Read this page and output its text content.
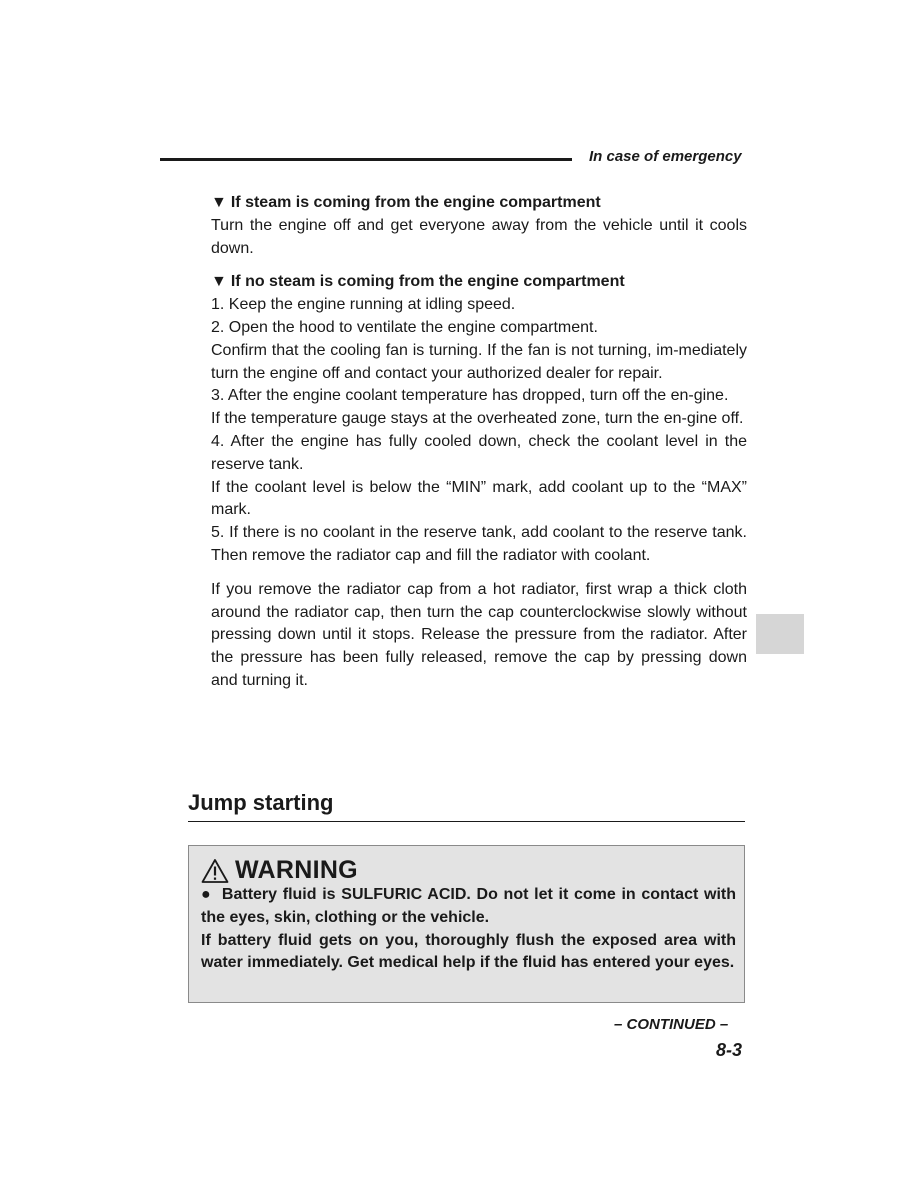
In case of emergency

▼ If steam is coming from the engine compartment

Turn the engine off and get everyone away from the vehicle until it cools down.

▼ If no steam is coming from the engine compartment

1. Keep the engine running at idling speed.

2. Open the hood to ventilate the engine compartment.

Confirm that the cooling fan is turning. If the fan is not turning, im-mediately turn the engine off and contact your authorized dealer for repair.

3. After the engine coolant temperature has dropped, turn off the en-gine.

If the temperature gauge stays at the overheated zone, turn the en-gine off.

4. After the engine has fully cooled down, check the coolant level in the reserve tank.

If the coolant level is below the “MIN” mark, add coolant up to the “MAX” mark.

5. If there is no coolant in the reserve tank, add coolant to the reserve tank. Then remove the radiator cap and fill the radiator with coolant.

If you remove the radiator cap from a hot radiator, first wrap a thick cloth around the radiator cap, then turn the cap counterclockwise slowly without pressing down until it stops. Release the pressure from the radiator. After the pressure has been fully released, remove the cap by pressing down and turning it.

Jump starting
WARNING

● Battery fluid is SULFURIC ACID. Do not let it come in contact with the eyes, skin, clothing or the vehicle.

If battery fluid gets on you, thoroughly flush the exposed area with water immediately. Get medical help if the fluid has entered your eyes.

– CONTINUED –
8-3
